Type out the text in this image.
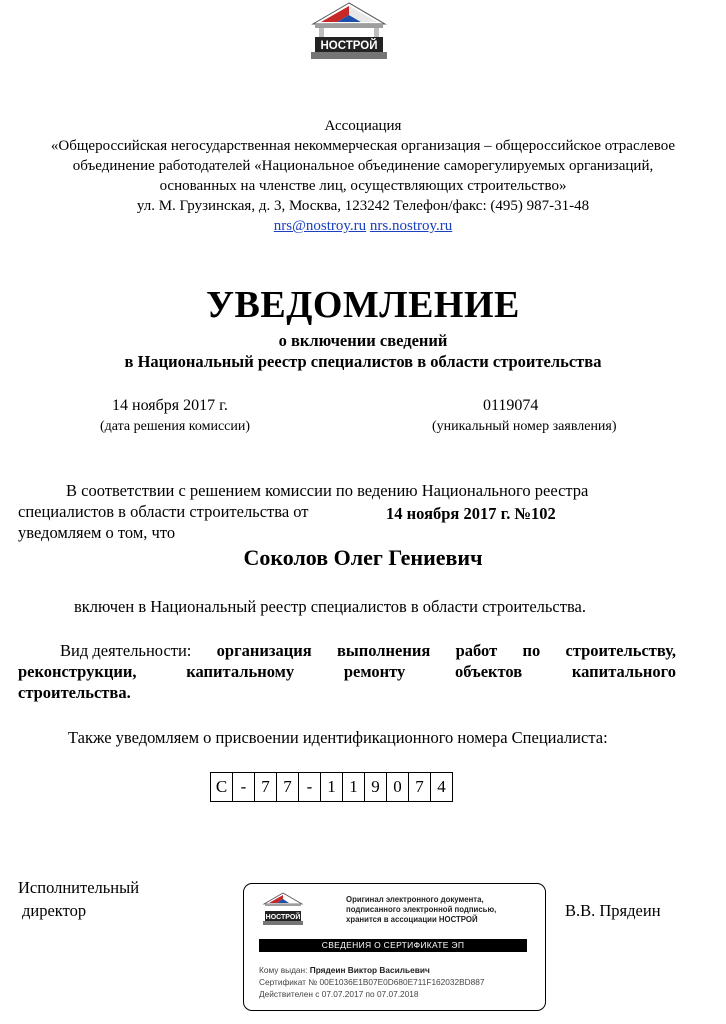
НОСТРОЙ
Ассоциация
«Общероссийская негосударственная некоммерческая организация – общероссийское отраслевое
объединение работодателей «Национальное объединение саморегулируемых организаций,
основанных на членстве лиц, осуществляющих строительство»
ул. М. Грузинская, д. 3, Москва, 123242 Телефон/факс: (495) 987-31-48
nrs@nostroy.ru nrs.nostroy.ru
УВЕДОМЛЕНИЕ
о включении сведений
в Национальный реестр специалистов в области строительства
14 ноября 2017 г.
(дата решения комиссии)
0119074
(уникальный номер заявления)
В соответствии с решением комиссии по ведению Национального реестра
специалистов в области строительства от	14 ноября 2017 г. №102
уведомляем о том, что
Соколов Олег Гениевич
включен в Национальный реестр специалистов в области строительства.
Вид деятельности: организация выполнения работ по строительству,
реконструкции,	капитальному	ремонту	объектов	капитального
строительства.
Также уведомляем о присвоении идентификационного номера Специалиста:
С	-	7	7	-	1	1	9	0	7	4
Исполнительный
директор	В.В. Прядеин
НОСТРОЙ
Оригинал электронного документа,
подписанного электронной подписью,
хранится в ассоциации НОСТРОЙ
СВЕДЕНИЯ О СЕРТИФИКАТЕ ЭП
Кому выдан: Прядеин Виктор Васильевич
Сертификат № 00E1036E1B07E0D680E711F162032BD887
Действителен с 07.07.2017 по 07.07.2018
